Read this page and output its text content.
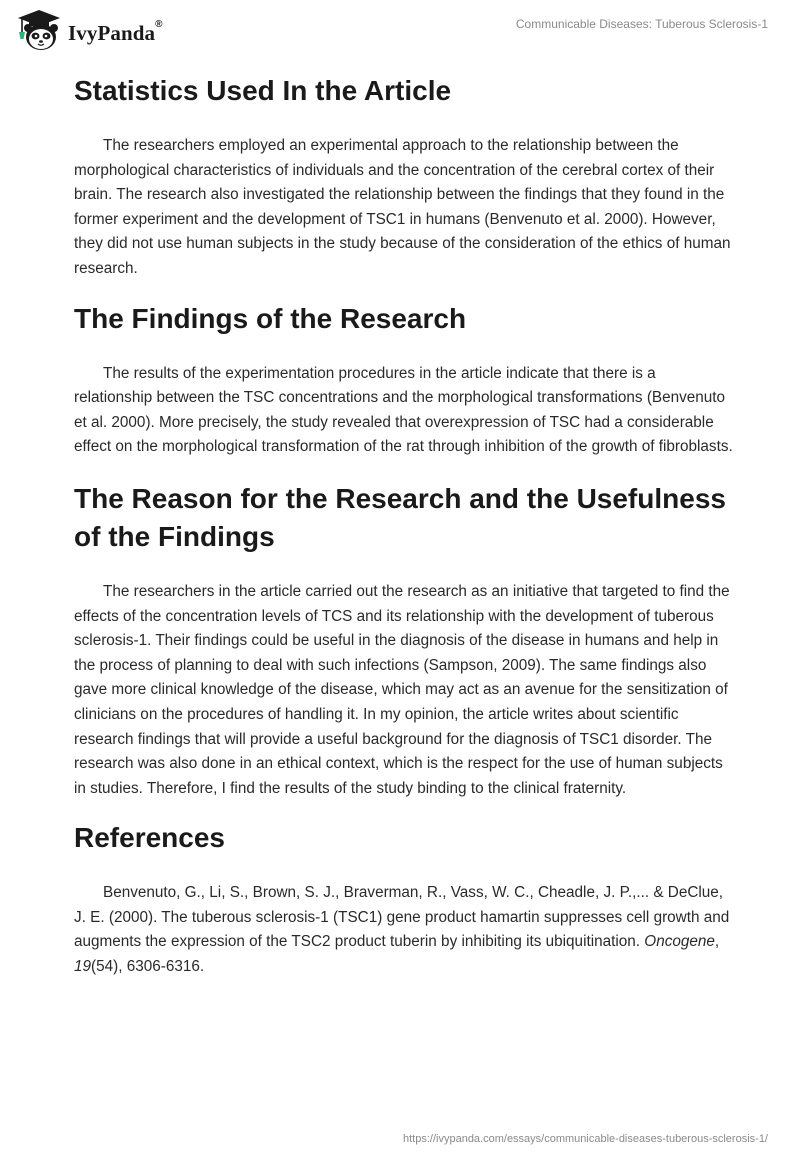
IvyPanda®	Communicable Diseases: Tuberous Sclerosis-1
Statistics Used In the Article

The researchers employed an experimental approach to the relationship between the morphological characteristics of individuals and the concentration of the cerebral cortex of their brain. The research also investigated the relationship between the findings that they found in the former experiment and the development of TSC1 in humans (Benvenuto et al. 2000). However, they did not use human subjects in the study because of the consideration of the ethics of human research.

The Findings of the Research

The results of the experimentation procedures in the article indicate that there is a relationship between the TSC concentrations and the morphological transformations (Benvenuto et al. 2000). More precisely, the study revealed that overexpression of TSC had a considerable effect on the morphological transformation of the rat through inhibition of the growth of fibroblasts.

The Reason for the Research and the Usefulness of the Findings

The researchers in the article carried out the research as an initiative that targeted to find the effects of the concentration levels of TCS and its relationship with the development of tuberous sclerosis-1. Their findings could be useful in the diagnosis of the disease in humans and help in the process of planning to deal with such infections (Sampson, 2009). The same findings also gave more clinical knowledge of the disease, which may act as an avenue for the sensitization of clinicians on the procedures of handling it. In my opinion, the article writes about scientific research findings that will provide a useful background for the diagnosis of TSC1 disorder. The research was also done in an ethical context, which is the respect for the use of human subjects in studies. Therefore, I find the results of the study binding to the clinical fraternity.

References

Benvenuto, G., Li, S., Brown, S. J., Braverman, R., Vass, W. C., Cheadle, J. P.,... & DeClue, J. E. (2000). The tuberous sclerosis-1 (TSC1) gene product hamartin suppresses cell growth and augments the expression of the TSC2 product tuberin by inhibiting its ubiquitination. Oncogene, 19(54), 6306-6316.

https://ivypanda.com/essays/communicable-diseases-tuberous-sclerosis-1/
